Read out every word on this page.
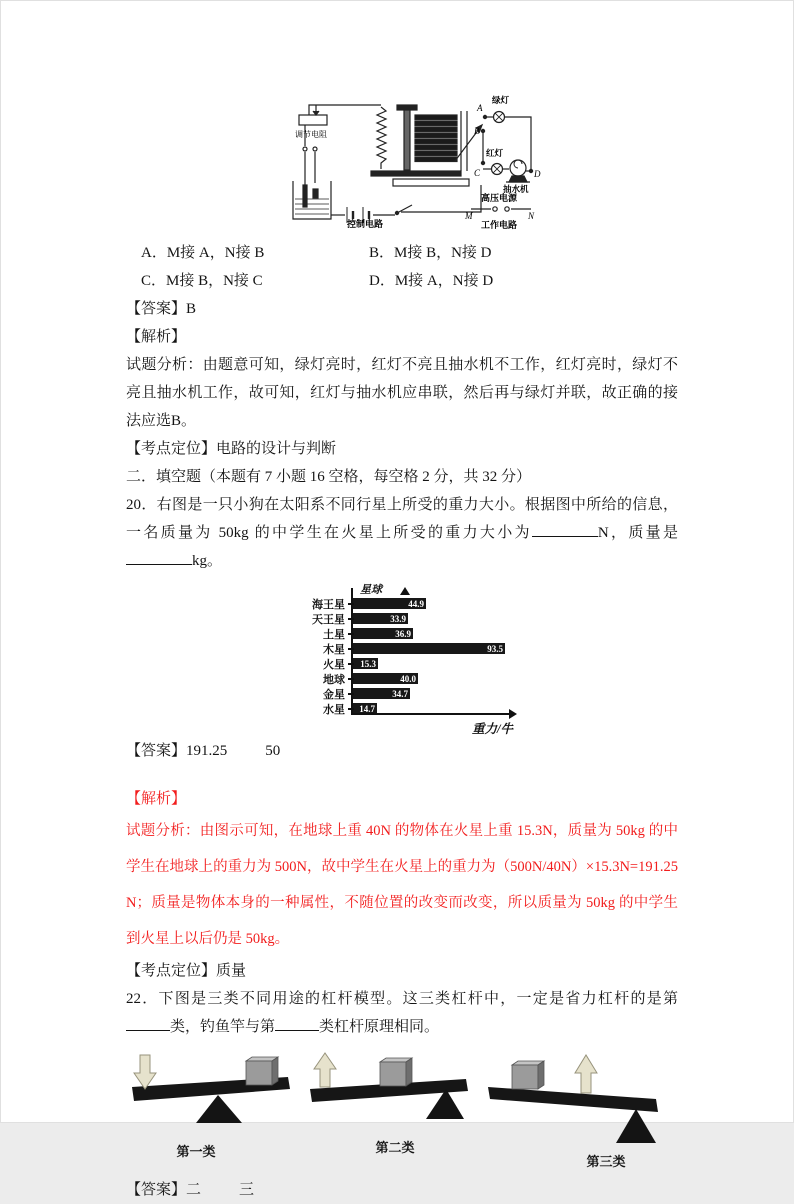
调节电阻
控制电路
绿灯
红灯
抽水机
高压电源
工作电路
A
B
C	D
M	N
A．M接 A，N接 B	B．M接 B，N接 D
C．M接 B，N接 C	D．M接 A，N接 D
【答案】B
【解析】
试题分析：由题意可知，绿灯亮时，红灯不亮且抽水机不工作，红灯亮时，绿灯不亮且抽水机工作，故可知，红灯与抽水机应串联，然后再与绿灯并联，故正确的接法应选B。
【考点定位】电路的设计与判断
二．填空题（本题有 7 小题 16 空格，每空格 2 分，共 32 分）
20．右图是一只小狗在太阳系不同行星上所受的重力大小。根据图中所给的信息，一名质量为 50kg 的中学生在火星上所受的重力大小为	N，质量是kg。
星球
海王星	44.9
天王星	33.9
土星	36.9
木星	93.5
火星	15.3
地球	40.0
金星	34.7
水星	14.7
重力/牛
【答案】191.25	50
【解析】
试题分析：由图示可知，在地球上重 40N 的物体在火星上重 15.3N，质量为 50kg 的中学生在地球上的重力为 500N，故中学生在火星上的重力为（500N/40N）×15.3N=191.25 N；质量是物体本身的一种属性，不随位置的改变而改变，所以质量为 50kg 的中学生到火星上以后仍是 50kg。
【考点定位】质量
22．下图是三类不同用途的杠杆模型。这三类杠杆中，一定是省力杠杆的是第类，钓鱼竿与第	类杠杆原理相同。
第一类	第二类
第三类
【答案】二	三
